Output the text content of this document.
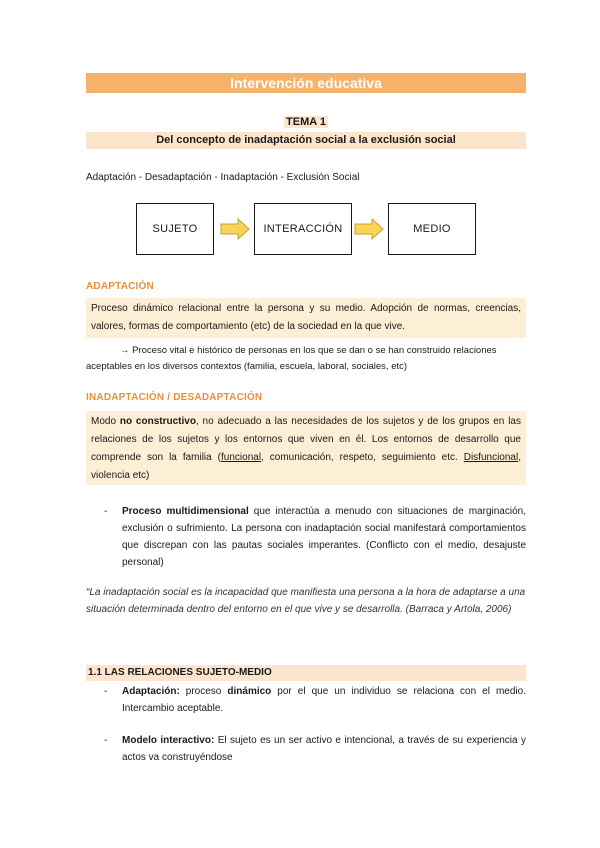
Intervención educativa
TEMA 1
Del concepto de inadaptación social a la exclusión social
Adaptación - Desadaptación - Inadaptación - Exclusión Social
SUJETO	INTERACCIÓN	MEDIO
ADAPTACIÓN
Proceso dinámico relacional entre la persona y su medio. Adopción de normas, creencias, valores, formas de comportamiento (etc) de la sociedad en la que vive.
→ Proceso vital e histórico de personas en los que se dan o se han construido relaciones aceptables en los diversos contextos (familia, escuela, laboral, sociales, etc)
INADAPTACIÓN / DESADAPTACIÓN
Modo no constructivo, no adecuado a las necesidades de los sujetos y de los grupos en las relaciones de los sujetos y los entornos que viven en él. Los entornos de desarrollo que comprende son la familia (funcional, comunicación, respeto, seguimiento etc. Disfuncional, violencia etc)
- Proceso multidimensional que interactúa a menudo con situaciones de marginación, exclusión o sufrimiento. La persona con inadaptación social manifestará comportamientos que discrepan con las pautas sociales imperantes. (Conflicto con el medio, desajuste personal)
“La inadaptación social es la incapacidad que manifiesta una persona a la hora de adaptarse a una situación determinada dentro del entorno en el que vive y se desarrolla. (Barraca y Artola, 2006)
1.1 LAS RELACIONES SUJETO-MEDIO
- Adaptación: proceso dinámico por el que un individuo se relaciona con el medio. Intercambio aceptable.
- Modelo interactivo: El sujeto es un ser activo e intencional, a través de su experiencia y actos va construyéndose
